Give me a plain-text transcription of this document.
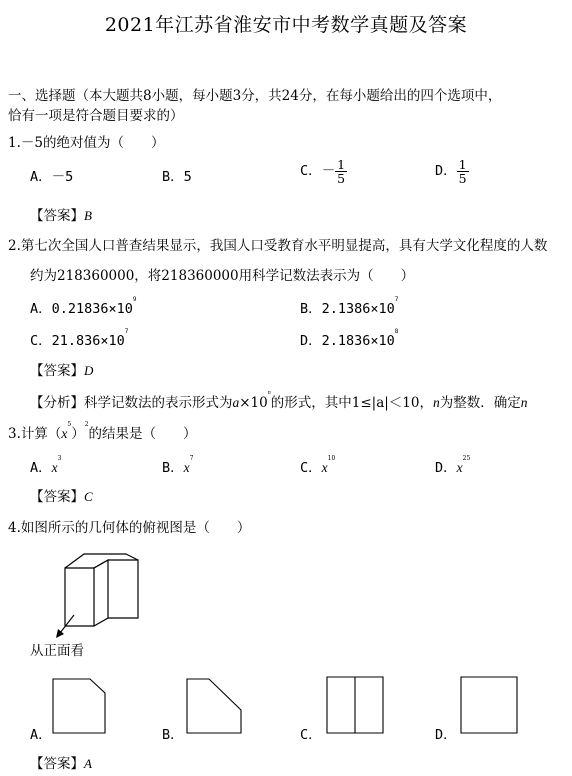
2021年江苏省淮安市中考数学真题及答案
一、选择题（本大题共8小题，每小题3分，共24分，在每小题给出的四个选项中，
恰有一项是符合题目要求的）
1.－5的绝对值为（　　）
A．－5	B．5	C．－ $\frac{1}{5}$	D． $\frac{1}{5}$
【答案】B
2.第七次全国人口普查结果显示，我国人口受教育水平明显提高，具有大学文化程度的人数
约为218360000，将218360000用科学记数法表示为（　　）
A．$0.21836\times 10^9$
B．$2.1386\times 10^7$
C．$21.836\times 10^7$
D．$2.1836\times 10^8$
【答案】D
【分析】科学记数法的表示形式为$a\times 10^n$的形式，其中1≤|a|＜10，n为整数．确定n
3.计算$(x^5)^2$的结果是（　　）
A．$x^3$
B．$x^7$
C．$x^{10}$
D．$x^{25}$
【答案】C
4.如图所示的几何体的俯视图是（　　）
从正面看
A．	B．	C．	D．
【答案】A
